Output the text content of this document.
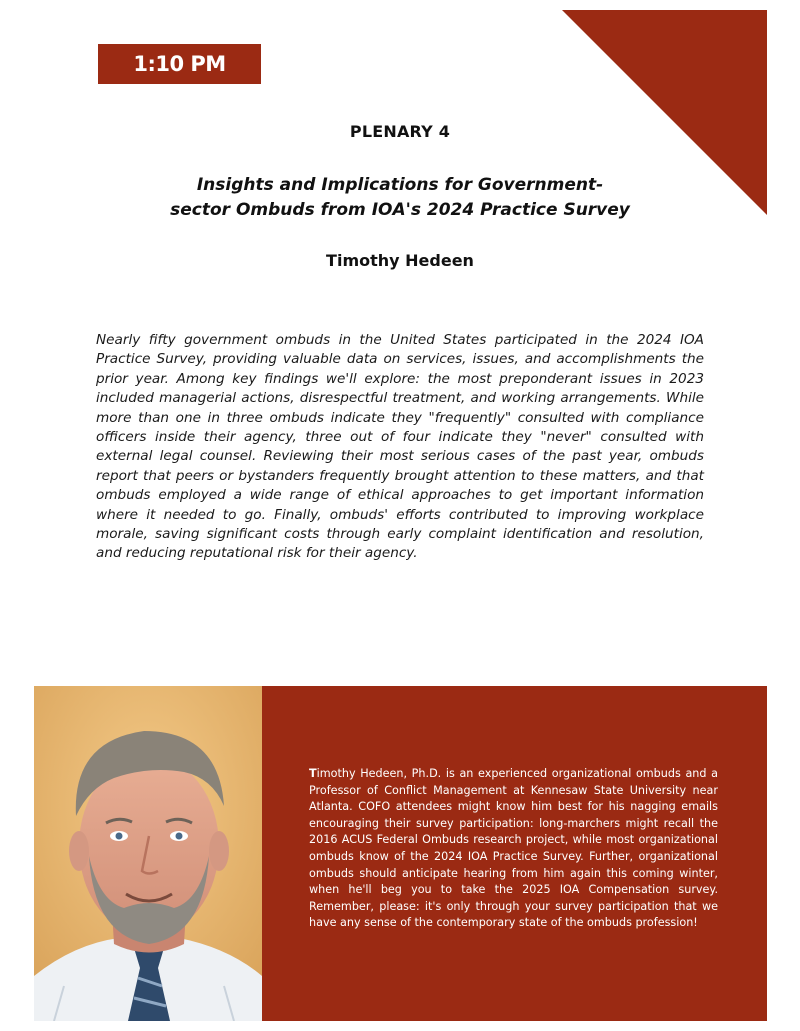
1:10 PM
PLENARY 4
Insights and Implications for Government-
sector Ombuds from IOA's 2024 Practice Survey
Timothy Hedeen

Nearly fifty government ombuds in the United States participated in the 2024 IOA Practice Survey, providing valuable data on services, issues, and accomplishments the prior year. Among key findings we'll explore: the most preponderant issues in 2023 included managerial actions, disrespectful treatment, and working arrangements. While more than one in three ombuds indicate they "frequently" consulted with compliance officers inside their agency, three out of four indicate they "never" consulted with external legal counsel. Reviewing their most serious cases of the past year, ombuds report that peers or bystanders frequently brought attention to these matters, and that ombuds employed a wide range of ethical approaches to get important information where it needed to go. Finally, ombuds' efforts contributed to improving workplace morale, saving significant costs through early complaint identification and resolution, and reducing reputational risk for their agency.

Timothy Hedeen, Ph.D. is an experienced organizational ombuds and a Professor of Conflict Management at Kennesaw State University near Atlanta. COFO attendees might know him best for his nagging emails encouraging their survey participation: long-marchers might recall the 2016 ACUS Federal Ombuds research project, while most organizational ombuds know of the 2024 IOA Practice Survey. Further, organizational ombuds should anticipate hearing from him again this coming winter, when he'll beg you to take the 2025 IOA Compensation survey. Remember, please: it's only through your survey participation that we have any sense of the contemporary state of the ombuds profession!
